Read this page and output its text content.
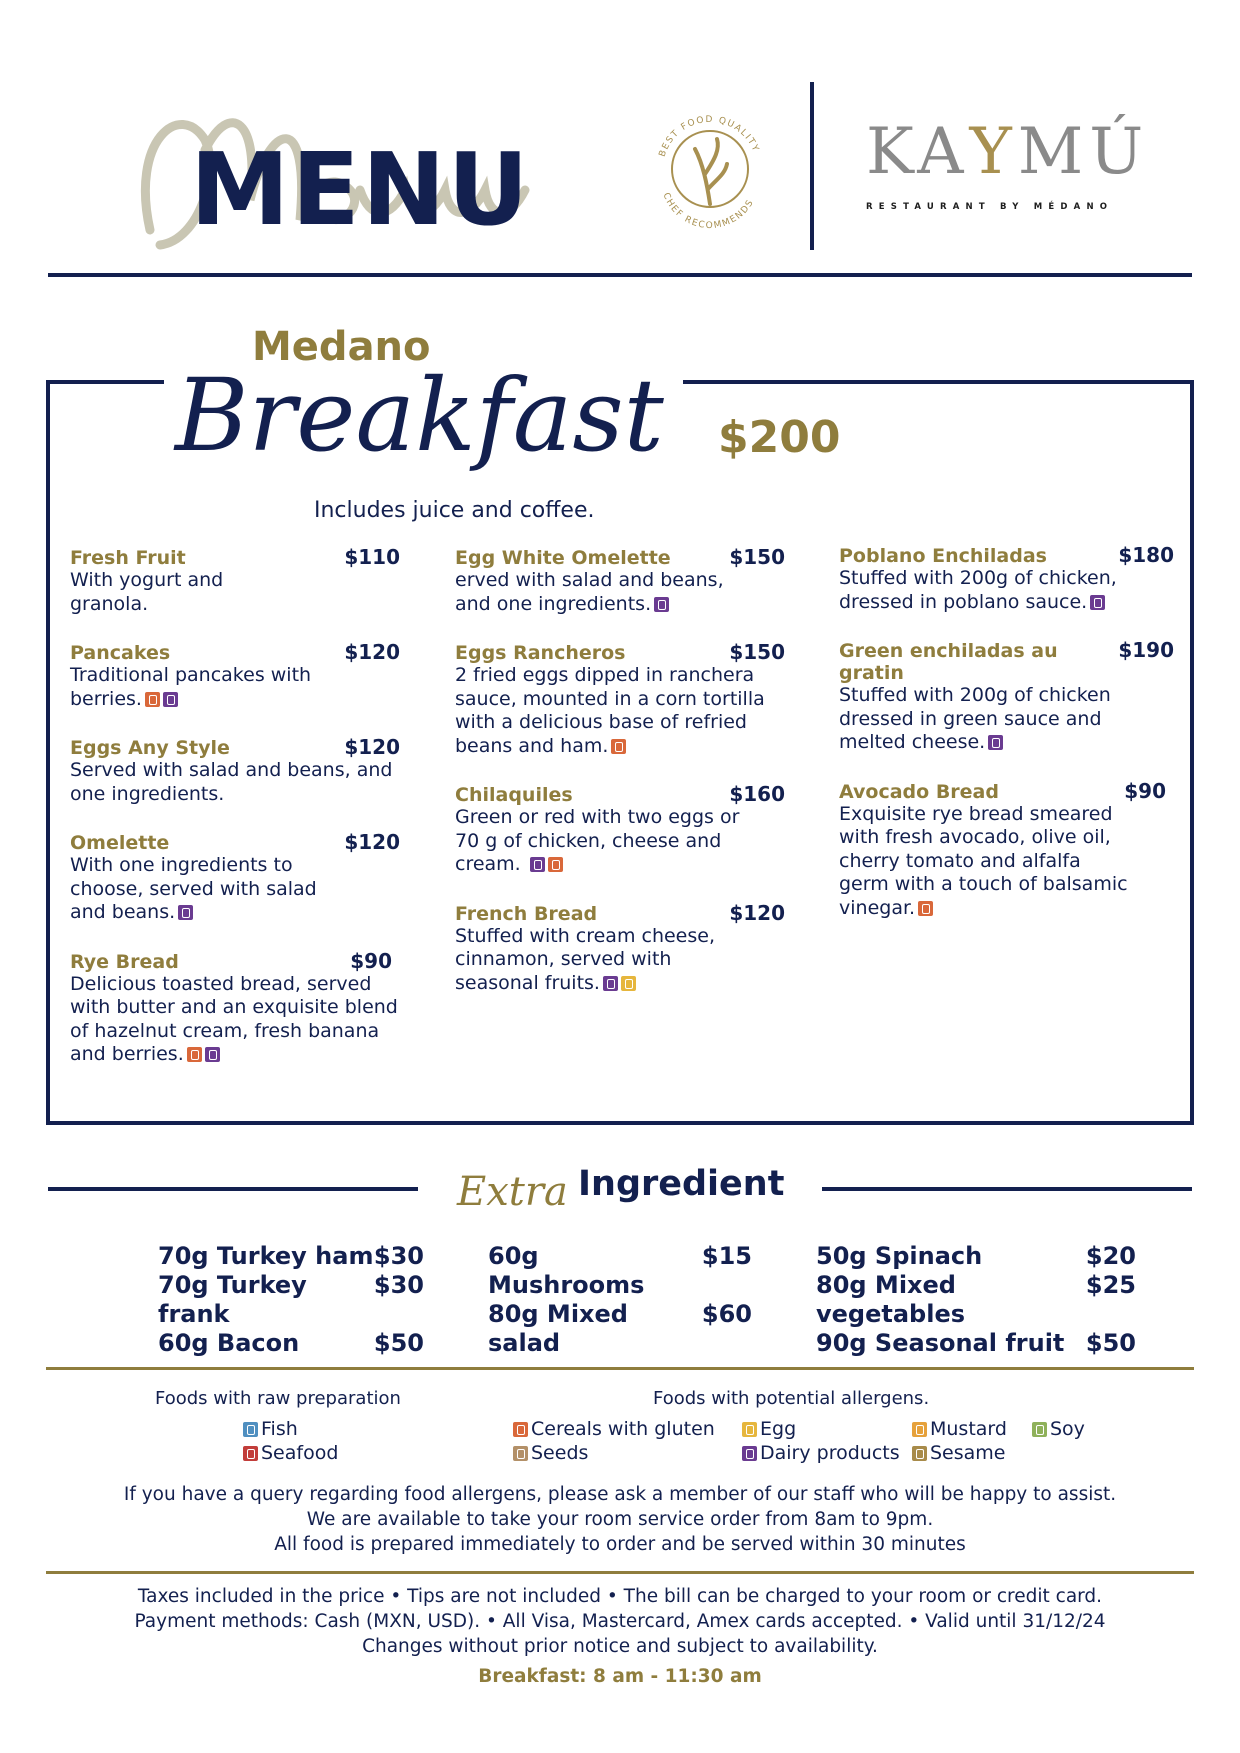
Menu
MENU	BEST FOOD QUALITY
CHEF RECOMMENDS
KA Y MÚ
RESTAURANT BY MÉDANO
Medano
Breakfast $200
Includes juice and coffee.
Fresh Fruit	$110
With yogurt and granola.
Pancakes	$120
Traditional pancakes with berries.
Eggs Any Style	$120
Served with salad and beans, and one ingredients.
Omelette	$120
With one ingredients to choose, served with salad and beans.
Rye Bread	$90
Delicious toasted bread, served with butter and an exquisite blend of hazelnut cream, fresh banana and berries.
Egg White Omelette	$150
erved with salad and beans, and one ingredients.
Eggs Rancheros	$150
2 fried eggs dipped in ranchera sauce, mounted in a corn tortilla with a delicious base of refried beans and ham.
Chilaquiles	$160
Green or red with two eggs or 70 g of chicken, cheese and cream.
French Bread	$120
Stuffed with cream cheese, cinnamon, served with seasonal fruits.
Poblano Enchiladas	$180
Stuffed with 200g of chicken, dressed in poblano sauce.
Green enchiladas au gratin
$190
Stuffed with 200g of chicken dressed in green sauce and melted cheese.
Avocado Bread	$90
Exquisite rye bread smeared with fresh avocado, olive oil, cherry tomato and alfalfa germ with a touch of balsamic vinegar.
Extra Ingredient
70g Turkey ham $30
70g Turkey frank
$30
60g Bacon	$50
60g Mushrooms
$15
80g Mixed salad
$60
50g Spinach	$20
80g Mixed vegetables
$25
90g Seasonal fruit $50
Foods with raw preparation	Foods with potential allergens.
Fish
Seafood
Cereals with gluten
Seeds
Egg
Dairy products
Mustard
Sesame
Soy
If you have a query regarding food allergens, please ask a member of our staff who will be happy to assist.
We are available to take your room service order from 8am to 9pm.
All food is prepared immediately to order and be served within 30 minutes
Taxes included in the price • Tips are not included • The bill can be charged to your room or credit card.
Payment methods: Cash (MXN, USD). • All Visa, Mastercard, Amex cards accepted. • Valid until 31/12/24
Changes without prior notice and subject to availability.
Breakfast: 8 am - 11:30 am
